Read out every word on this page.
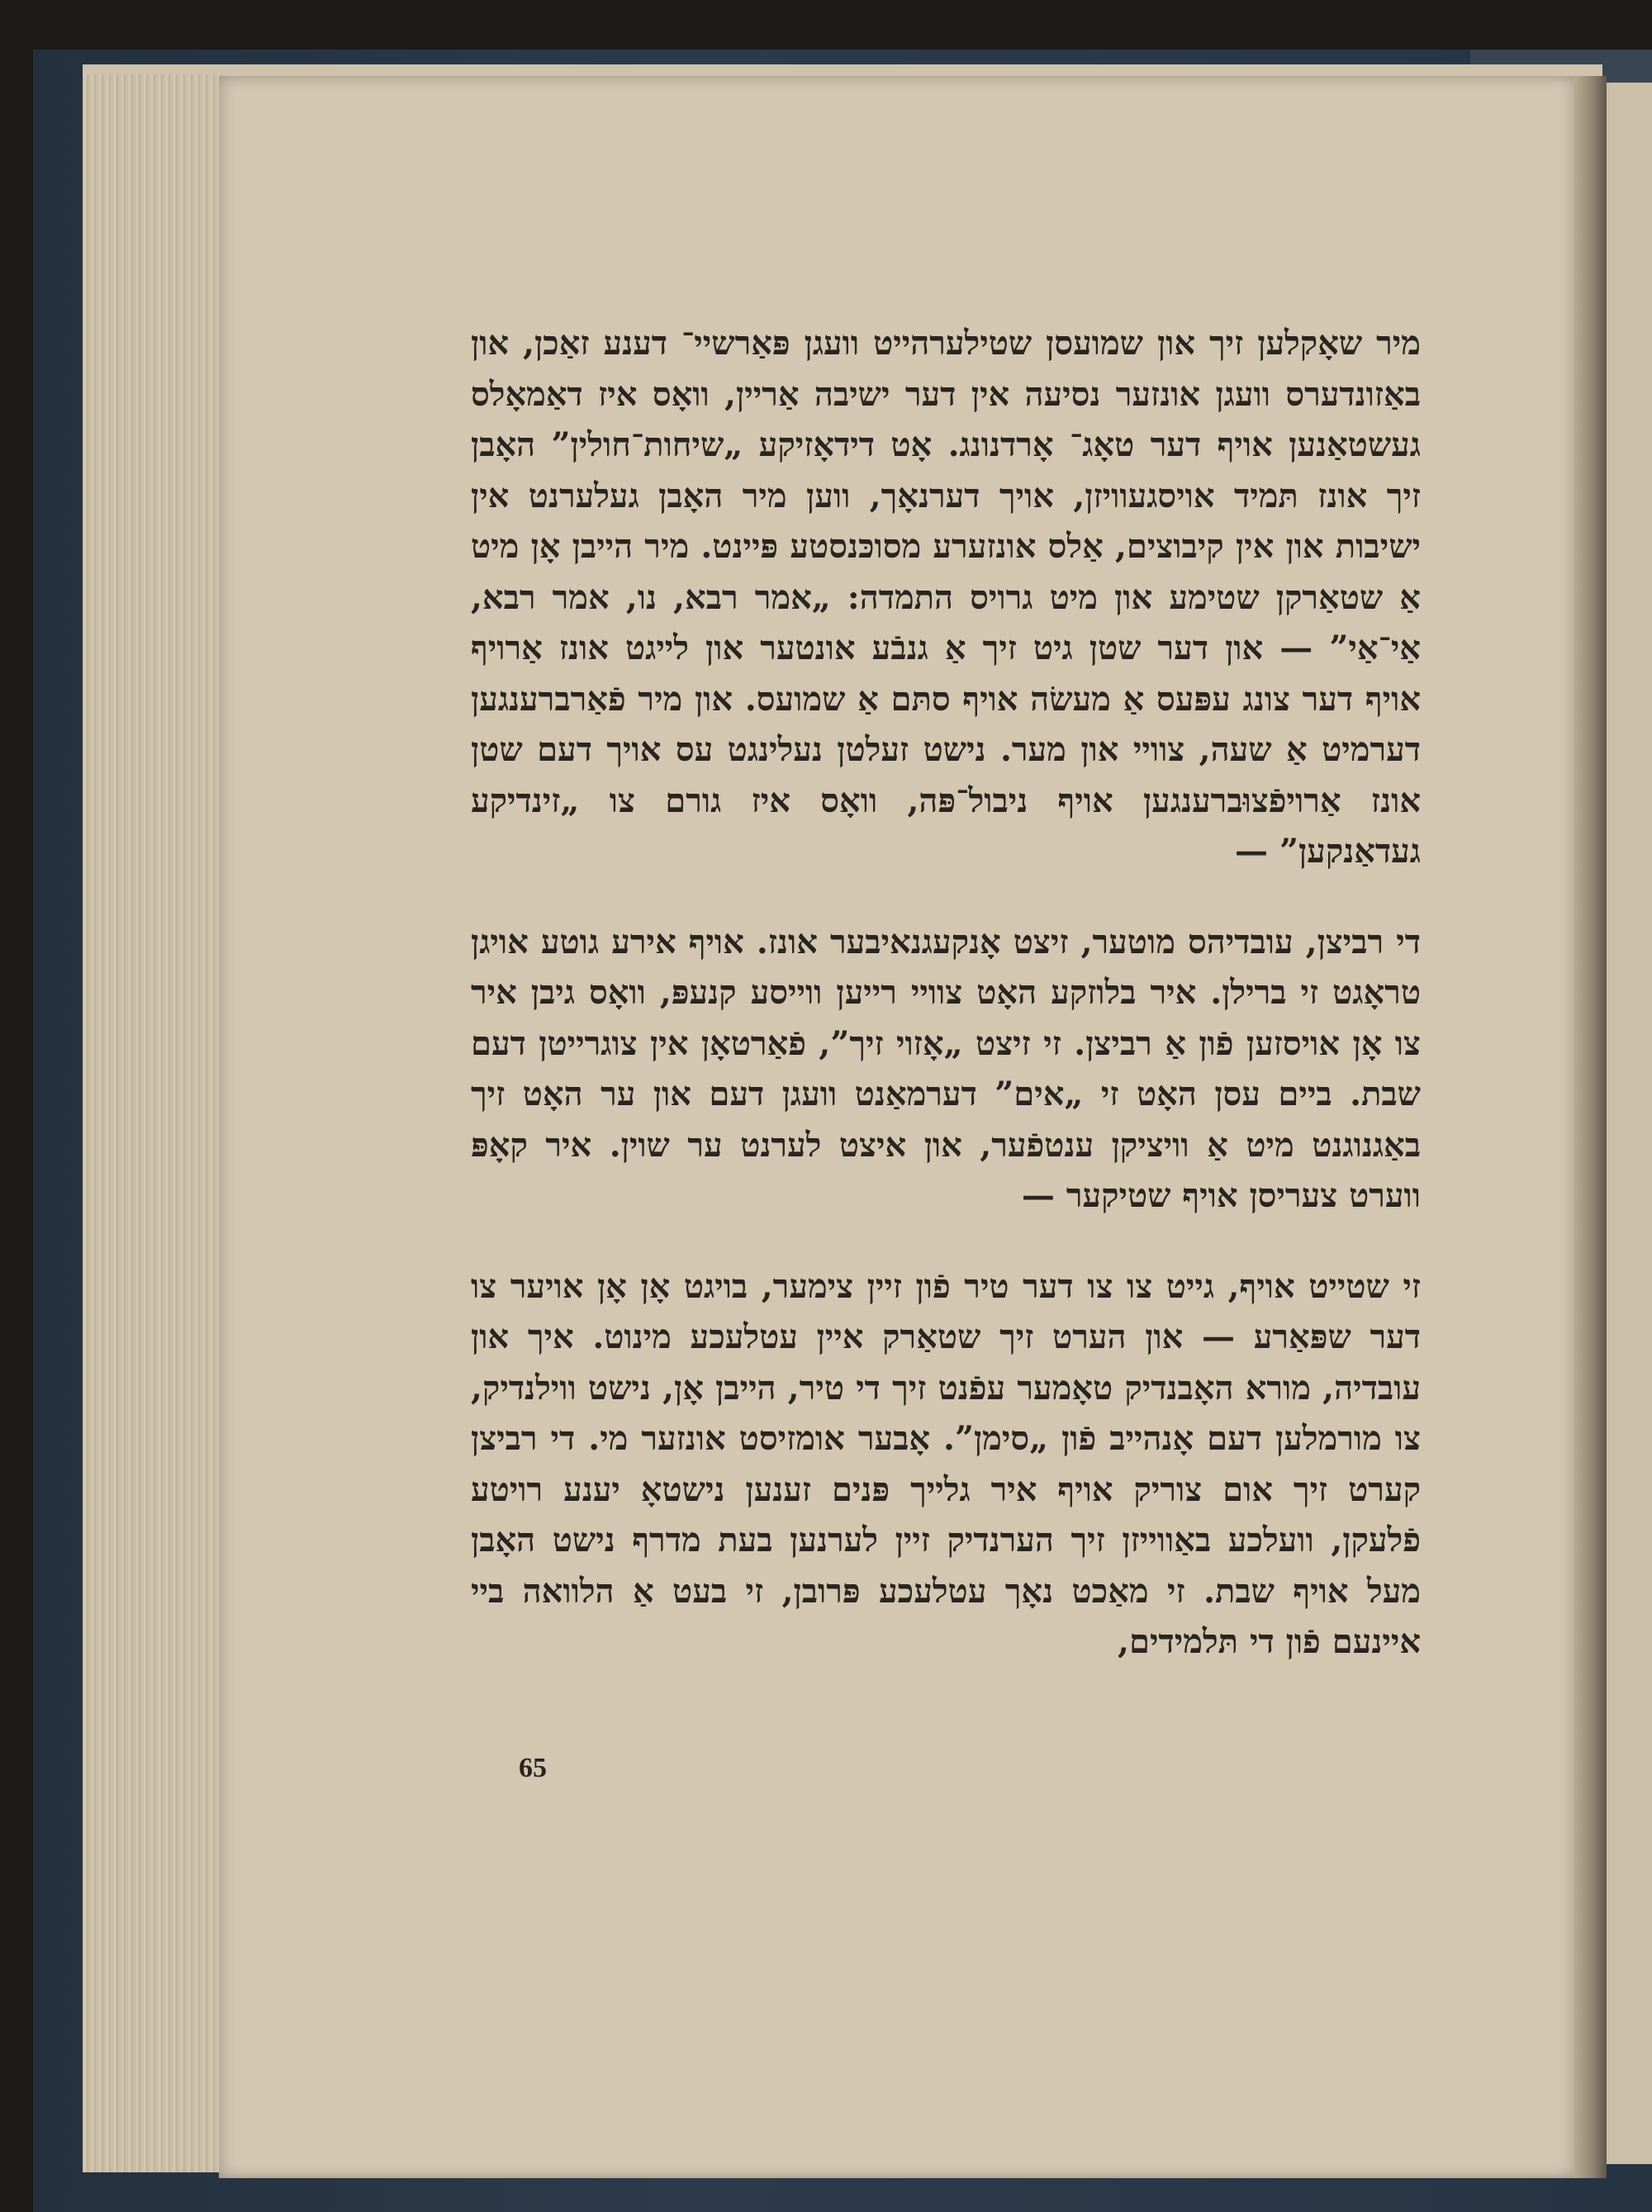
מיר שאָקלען זיך און שמועסן שטילערהייט וועגן פּאַרשיי־ דענע זאַכן, און באַזונדערס וועגן אונזער נסיעה אין דער ישיבה אַריין, וואָס איז דאַמאָלס געשטאַנען אויף דער טאָג־ אָרדנונג. אָט דידאָזיקע „שיחות־חולין” האָבן זיך אונז תּמיד אויסגעוויזן, אויך דערנאָך, ווען מיר האָבן געלערנט אין ישיבות און אין קיבוצים, אַלס אונזערע מסוכּנסטע פּיינט. מיר הייבן אָן מיט אַ שטאַרקן שטימע און מיט גרויס התמדה: „אמר רבא, נו, אמר רבא, אַי־אַי” — און דער שטן גיט זיך אַ גנבֿע אונטער און לייגט אונז אַרויף אויף דער צונג עפּעס אַ מעשׂה אויף סתּם אַ שמועס. און מיר פֿאַרברענגען דערמיט אַ שעה, צוויי און מער. נישט זעלטן נעלינגט עס אויך דעם שטן אונז אַרויפֿצוּברענגען אויף ניבול־פּה, וואָס איז גורם צו „זינדיקע געדאַנקען” —

די רביצן, עובדיהס מוטער, זיצט אָנקעגנאיבער אונז. אויף אירע גוטע אויגן טראָגט זי ברילן. איר בלוזקע האָט צוויי רייען ווייסע קנעפּ, וואָס גיבן איר צו אָן אויסזען פֿון אַ רביצן. זי זיצט „אָזוי זיך”, פֿאַרטאָן אין צוגרייטן דעם שבת. ביים עסן האָט זי „אים” דערמאַנט וועגן דעם און ער האָט זיך באַגנוגנט מיט אַ וויציקן ענטפֿער, און איצט לערנט ער שוין. איר קאָפּ ווערט צעריסן אויף שטיקער —

זי שטייט אויף, גייט צו צו דער טיר פֿון זיין צימער, בויגט אָן אָן אויער צו דער שפּאַרע — און הערט זיך שטאַרק איין עטלעכע מינוט. איך און עובדיה, מורא האָבנדיק טאָמער עפֿנט זיך די טיר, הייבן אָן, נישט ווילנדיק, צו מורמלען דעם אָנהייב פֿון „סימן”. אָבער אומזיסט אונזער מי. די רביצן קערט זיך אום צוריק אויף איר גלייך פּנים זענען נישטאָ יענע רויטע פֿלעקן, וועלכע באַווייזן זיך הערנדיק זיין לערנען בעת מדרף נישט האָבן מעל אויף שבת. זי מאַכט נאָך עטלעכע פּרובן, זי בעט אַ הלוואה ביי איינעם פֿון די תּלמידים,

65
